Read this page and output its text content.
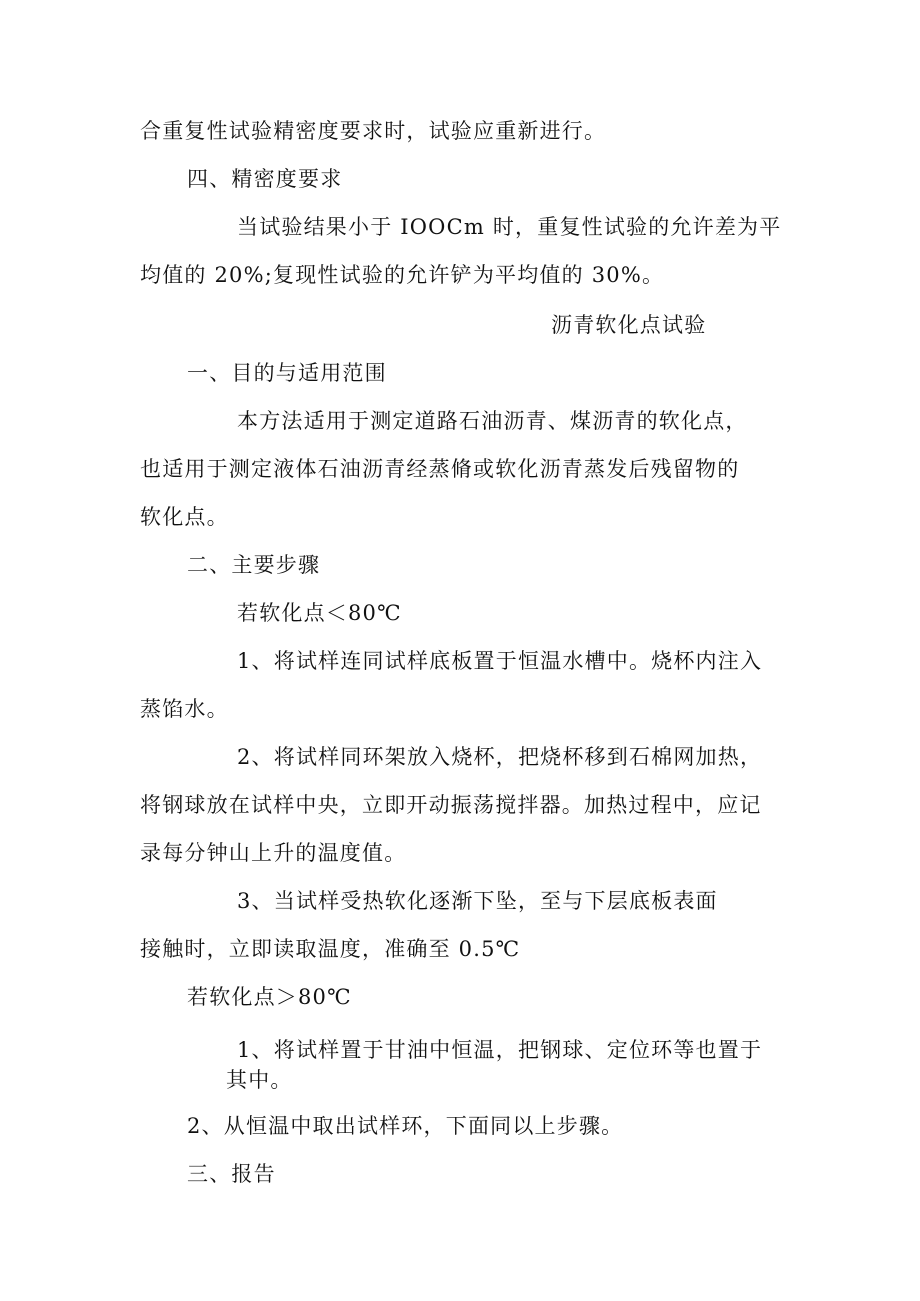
合重复性试验精密度要求时，试验应重新进行。
四、精密度要求
当试验结果小于 IOOCm 时，重复性试验的允许差为平
均值的 20%;复现性试验的允许铲为平均值的 30%。
沥青软化点试验
一、目的与适用范围
本方法适用于测定道路石油沥青、煤沥青的软化点，
也适用于测定液体石油沥青经蒸脩或软化沥青蒸发后残留物的
软化点。
二、主要步骤
若软化点＜80℃
1、将试样连同试样底板置于恒温水槽中。烧杯内注入
蒸馅水。
2、将试样同环架放入烧杯，把烧杯移到石棉网加热，
将钢球放在试样中央，立即开动振荡搅拌器。加热过程中，应记
录每分钟山上升的温度值。
3、当试样受热软化逐渐下坠，至与下层底板表面
接触时，立即读取温度，准确至 0.5℃
若软化点＞80℃
1、将试样置于甘油中恒温，把钢球、定位环等也置于
其中。
2、从恒温中取出试样环，下面同以上步骤。
三、报告
